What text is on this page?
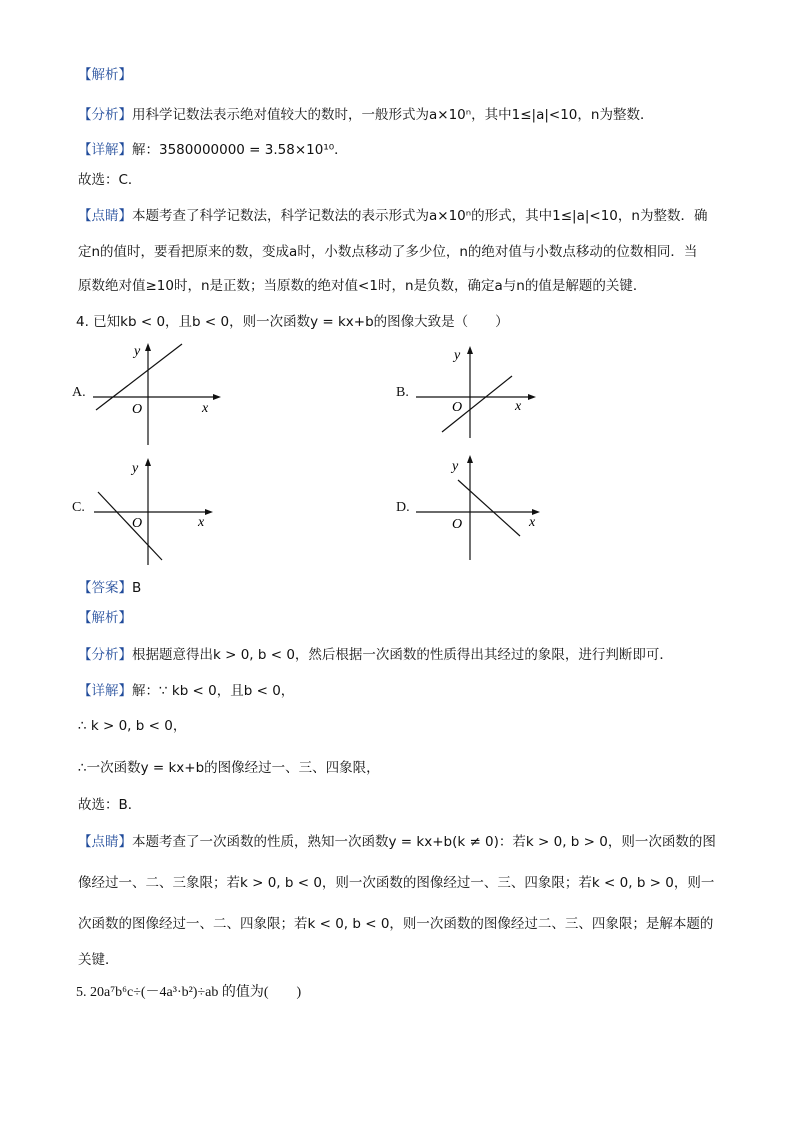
【解析】
【分析】用科学记数法表示绝对值较大的数时，一般形式为a×10ⁿ，其中1≤|a|<10，n为整数．
【详解】解：3580000000 = 3.58×10¹⁰．
故选：C．
【点睛】本题考查了科学记数法，科学记数法的表示形式为a×10ⁿ的形式，其中1≤|a|<10，n为整数．确
定n的值时，要看把原来的数，变成a时，小数点移动了多少位，n的绝对值与小数点移动的位数相同．当
原数绝对值≥10时，n是正数；当原数的绝对值<1时，n是负数，确定a与n的值是解题的关键．
4. 已知kb < 0，且b < 0，则一次函数y = kx+b的图像大致是（　　）
A.
y
O	x
B.
y
O	x
C.
y
O	x
D.
y
O	x
【答案】B
【解析】
【分析】根据题意得出k > 0, b < 0，然后根据一次函数的性质得出其经过的象限，进行判断即可．
【详解】解：∵ kb < 0，且b < 0，
∴ k > 0, b < 0，
∴一次函数y = kx+b的图像经过一、三、四象限，
故选：B．
【点睛】本题考查了一次函数的性质，熟知一次函数y = kx+b(k ≠ 0)：若k > 0, b > 0，则一次函数的图
像经过一、二、三象限；若k > 0, b < 0，则一次函数的图像经过一、三、四象限；若k < 0, b > 0，则一
次函数的图像经过一、二、四象限；若k < 0, b < 0，则一次函数的图像经过二、三、四象限；是解本题的
关键．
5. 20a⁷b⁶c÷(－4a³·b²)÷ab 的值为(　　)
